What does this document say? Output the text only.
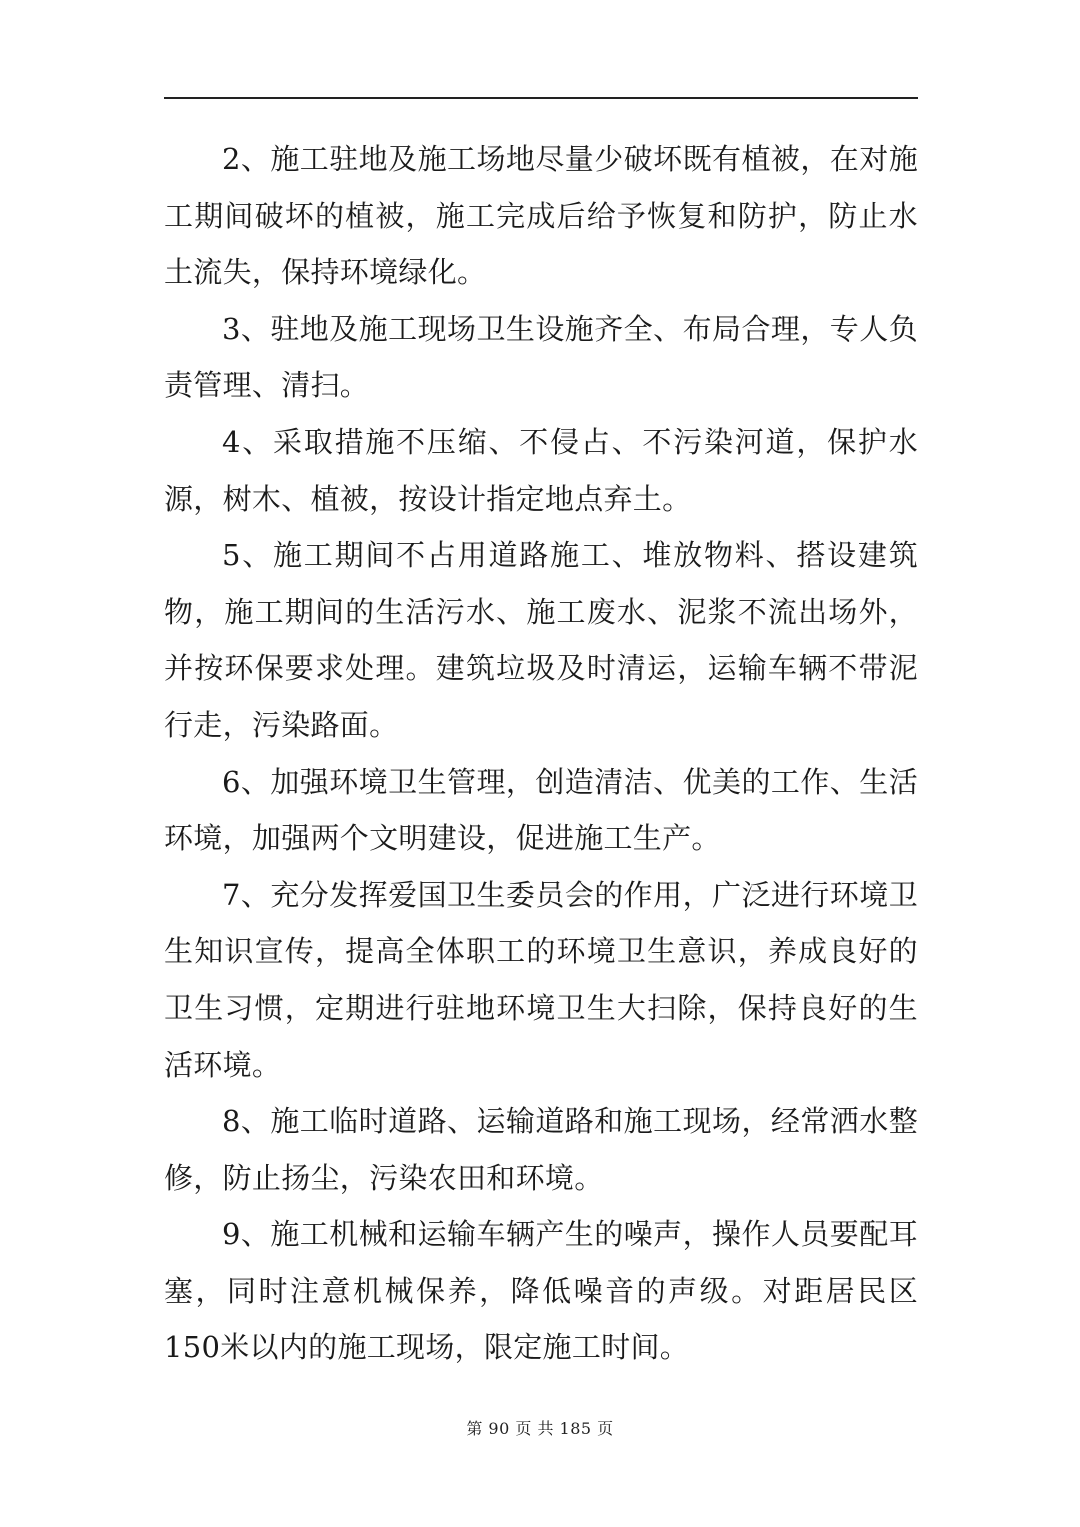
2、施工驻地及施工场地尽量少破坏既有植被，在对施工期间破坏的植被，施工完成后给予恢复和防护，防止水土流失，保持环境绿化。

3、驻地及施工现场卫生设施齐全、布局合理，专人负责管理、清扫。

4、采取措施不压缩、不侵占、不污染河道，保护水源，树木、植被，按设计指定地点弃土。

5、施工期间不占用道路施工、堆放物料、搭设建筑物，施工期间的生活污水、施工废水、泥浆不流出场外，并按环保要求处理。建筑垃圾及时清运，运输车辆不带泥行走，污染路面。

6、加强环境卫生管理，创造清洁、优美的工作、生活环境，加强两个文明建设，促进施工生产。

7、充分发挥爱国卫生委员会的作用，广泛进行环境卫生知识宣传，提高全体职工的环境卫生意识，养成良好的卫生习惯，定期进行驻地环境卫生大扫除，保持良好的生活环境。

8、施工临时道路、运输道路和施工现场，经常洒水整修，防止扬尘，污染农田和环境。

9、施工机械和运输车辆产生的噪声，操作人员要配耳塞，同时注意机械保养，降低噪音的声级。对距居民区 150米以内的施工现场，限定施工时间。

第 90 页 共 185 页
